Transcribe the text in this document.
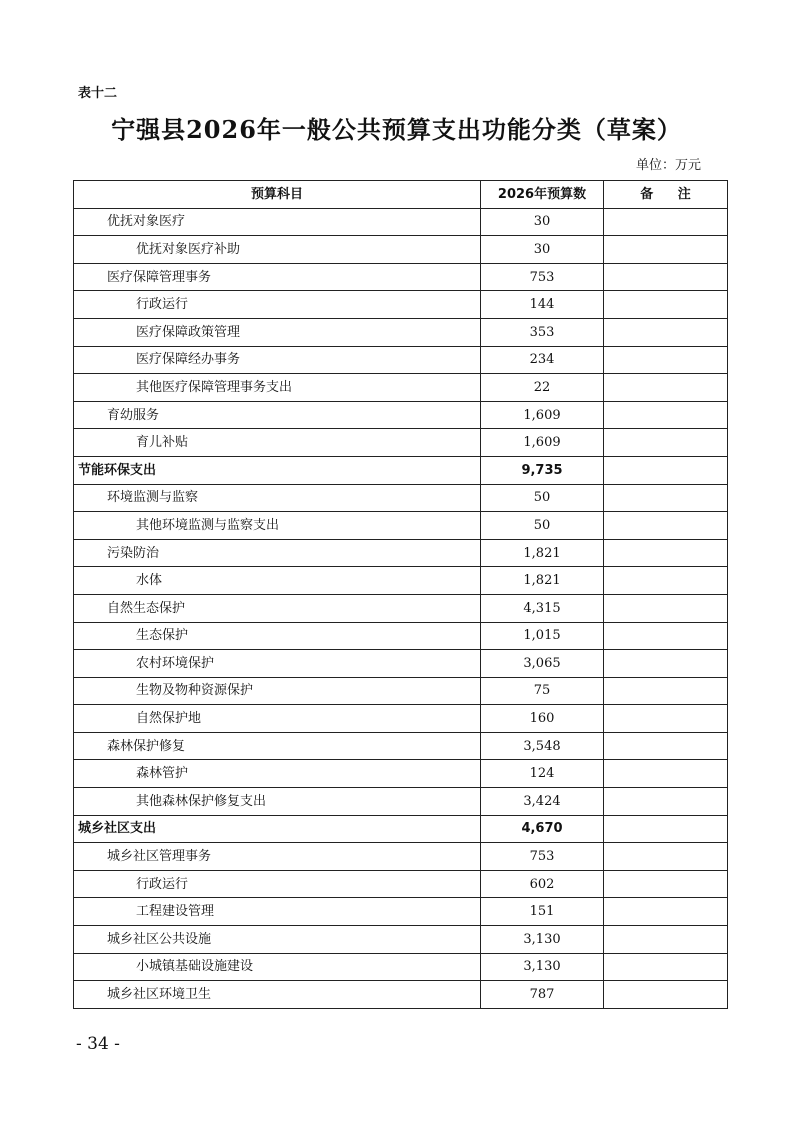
表十二
宁强县2026年一般公共预算支出功能分类（草案）
单位：万元
预算科目	2026年预算数	备 注
优抚对象医疗	30	
优抚对象医疗补助	30	
医疗保障管理事务	753	
行政运行	144	
医疗保障政策管理	353	
医疗保障经办事务	234	
其他医疗保障管理事务支出	22	
育幼服务	1,609	
育儿补贴	1,609	
节能环保支出	9,735	
环境监测与监察	50	
其他环境监测与监察支出	50	
污染防治	1,821	
水体	1,821	
自然生态保护	4,315	
生态保护	1,015	
农村环境保护	3,065	
生物及物种资源保护	75	
自然保护地	160	
森林保护修复	3,548	
森林管护	124	
其他森林保护修复支出	3,424	
城乡社区支出	4,670	
城乡社区管理事务	753	
行政运行	602	
工程建设管理	151	
城乡社区公共设施	3,130	
小城镇基础设施建设	3,130	
城乡社区环境卫生	787	
- 34 -
